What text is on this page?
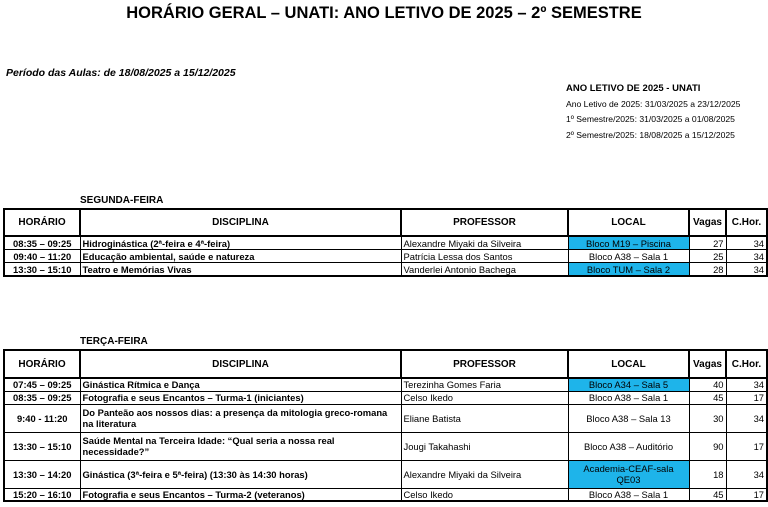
HORÁRIO GERAL – UNATI: ANO LETIVO DE 2025 – 2º SEMESTRE
Período das Aulas: de 18/08/2025 a 15/12/2025
ANO LETIVO DE 2025 - UNATI
Ano Letivo de 2025: 31/03/2025 a 23/12/2025
1º Semestre/2025: 31/03/2025 a 01/08/2025
2º Semestre/2025: 18/08/2025 a 15/12/2025
SEGUNDA-FEIRA
HORÁRIO	DISCIPLINA	PROFESSOR	LOCAL	Vagas	C.Hor.
08:35 – 09:25	Hidroginástica (2ª-feira e 4ª-feira)	Alexandre Miyaki da Silveira	Bloco M19 – Piscina	27	34
09:40 – 11:20	Educação ambiental, saúde e natureza	Patrícia Lessa dos Santos	Bloco A38 – Sala 1	25	34
13:30 – 15:10	Teatro e Memórias Vivas	Vanderlei Antonio Bachega	Bloco TUM – Sala 2	28	34
TERÇA-FEIRA
HORÁRIO	DISCIPLINA	PROFESSOR	LOCAL	Vagas	C.Hor.
07:45 – 09:25	Ginástica Rítmica e Dança	Terezinha Gomes Faria	Bloco A34 – Sala 5	40	34
08:35 – 09:25	Fotografia e seus Encantos – Turma-1 (iniciantes)	Celso Ikedo	Bloco A38 – Sala 1	45	17
9:40 - 11:20	Do Panteão aos nossos dias: a presença da mitologia greco-romana na literatura	Eliane Batista	Bloco A38 – Sala 13	30	34
13:30 – 15:10	Saúde Mental na Terceira Idade: “Qual seria a nossa real necessidade?”	Jougi Takahashi	Bloco A38 – Auditório	90	17
13:30 – 14:20	Ginástica (3ª-feira e 5ª-feira) (13:30 às 14:30 horas)	Alexandre Miyaki da Silveira	Academia-CEAF-sala QE03	18	34
15:20 – 16:10	Fotografia e seus Encantos – Turma-2 (veteranos)	Celso Ikedo	Bloco A38 – Sala 1	45	17
